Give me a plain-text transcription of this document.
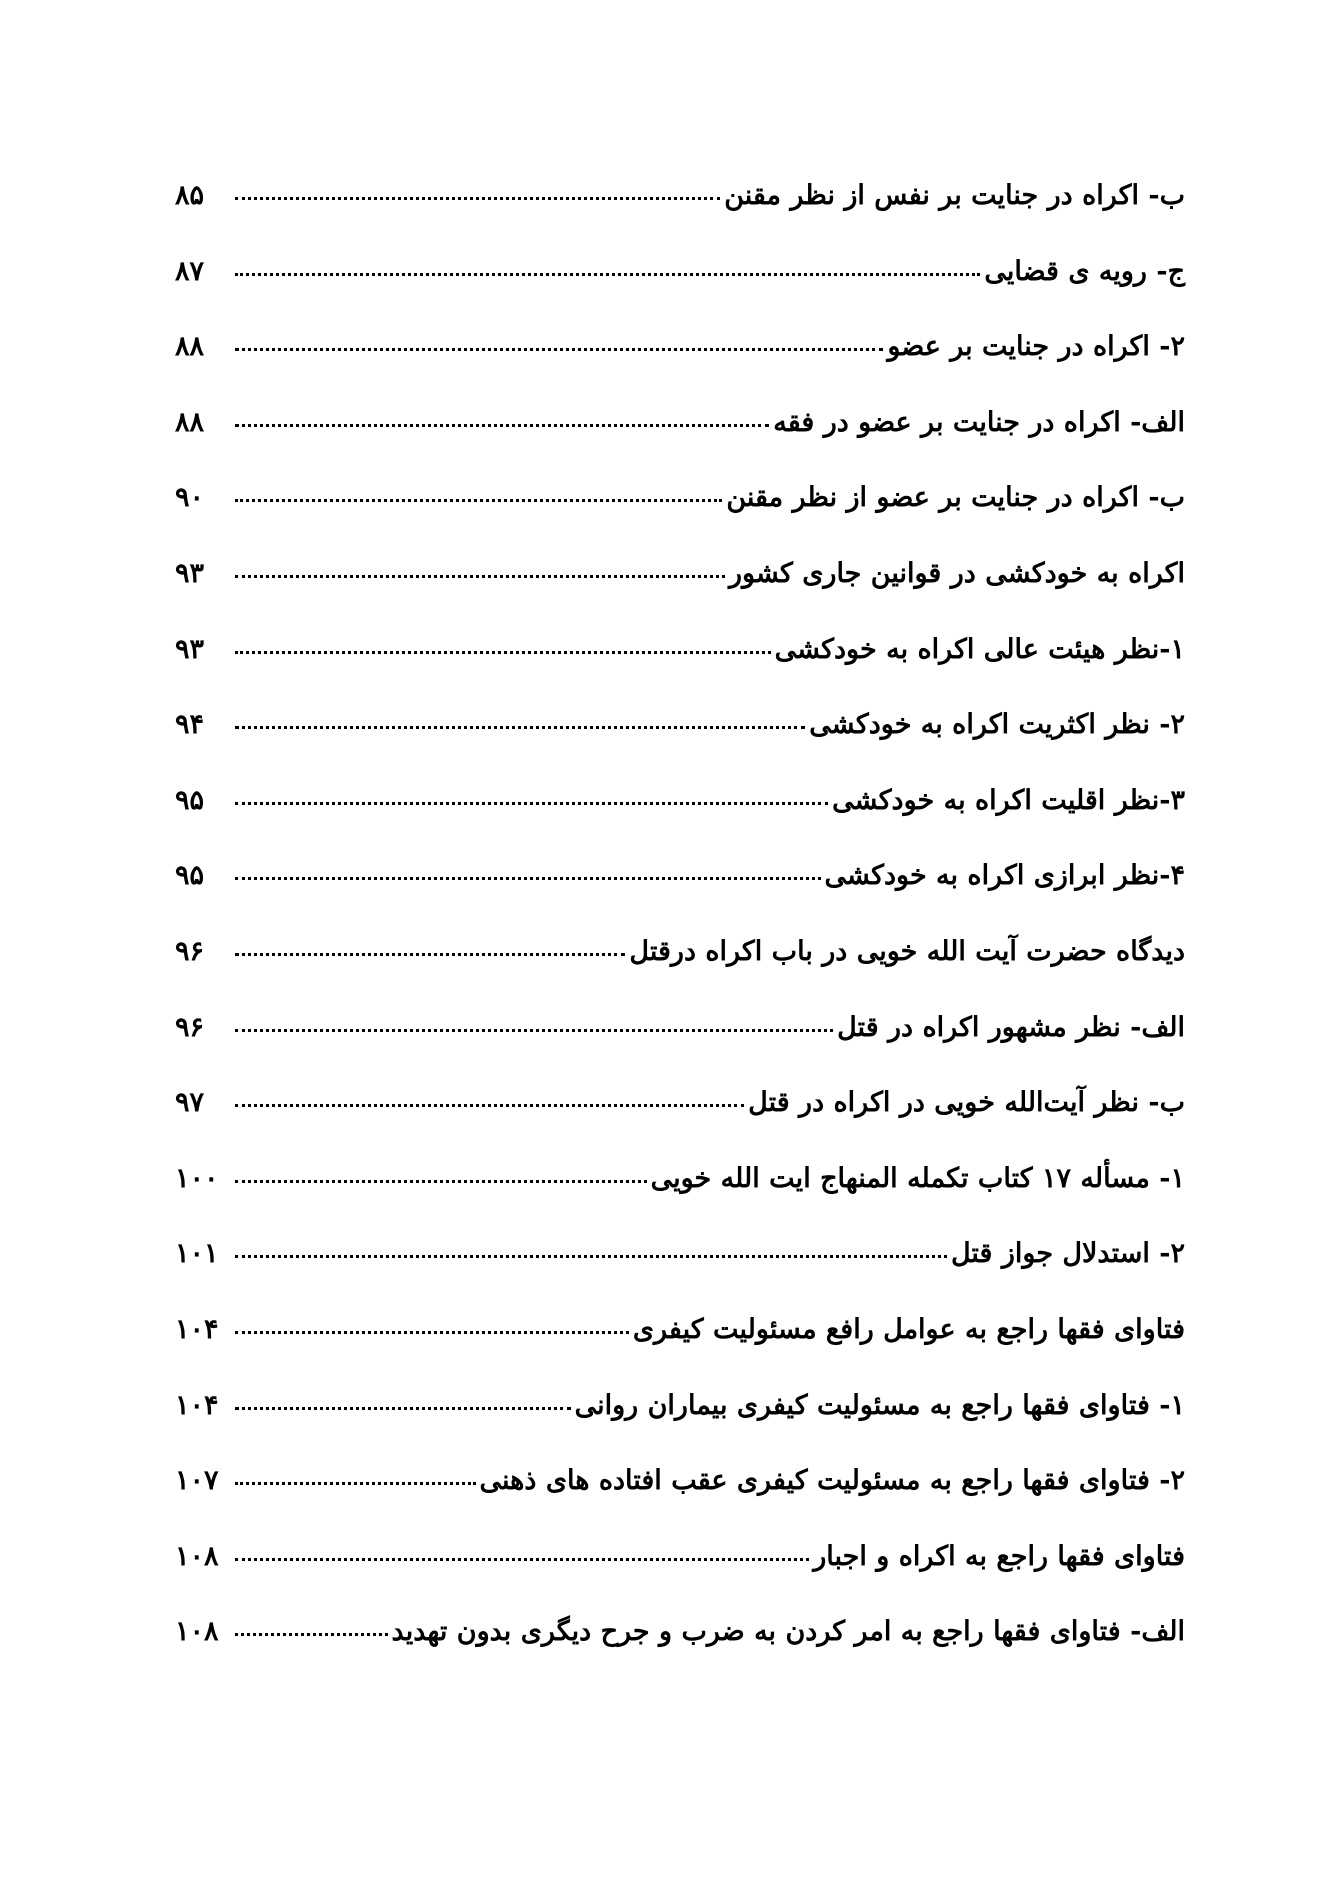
ب- اکراه در جنایت بر نفس از نظر مقنن
۸۵
ج- رویه ی قضایی
۸۷
۲- اکراه در جنایت بر عضو
۸۸
الف- اکراه در جنایت بر عضو در فقه
۸۸
ب- اکراه در جنایت بر عضو از نظر مقنن
۹۰
اکراه به خودکشی در قوانین جاری کشور
۹۳
۱-نظر هیئت عالی اکراه به خودکشی
۹۳
۲- نظر اکثریت اکراه به خودکشی
۹۴
۳-نظر اقلیت اکراه به خودکشی
۹۵
۴-نظر ابرازی اکراه به خودکشی
۹۵
دیدگاه حضرت آیت الله خویی در باب اکراه درقتل
۹۶
الف- نظر مشهور اکراه در قتل
۹۶
ب- نظر آیت‌الله خویی در اکراه در قتل
۹۷
۱- مسأله ۱۷ کتاب تکمله المنهاج ایت الله خویی
۱۰۰
۲- استدلال جواز قتل
۱۰۱
فتاوای فقها راجع به عوامل رافع مسئولیت کیفری
۱۰۴
۱- فتاوای فقها راجع به مسئولیت کیفری بیماران روانی
۱۰۴
۲- فتاوای فقها راجع به مسئولیت کیفری عقب افتاده های ذهنی
۱۰۷
فتاوای فقها راجع به اکراه و اجبار
۱۰۸
الف- فتاوای فقها راجع به امر کردن به ضرب و جرح دیگری بدون تهدید
۱۰۸
